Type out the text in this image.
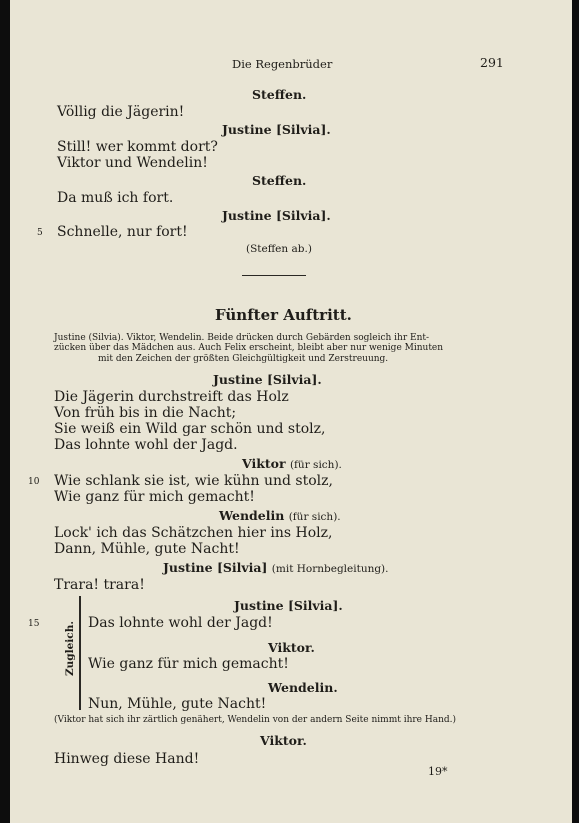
Die Regenbrüder	291
Steffen.
Völlig die Jägerin!
Justine [Silvia].
Still! wer kommt dort?
Viktor und Wendelin!
Steffen.
Da muß ich fort.
Justine [Silvia].
5 Schnelle, nur fort!
(Steffen ab.)
Fünfter Auftritt.
Justine (Silvia). Viktor, Wendelin. Beide drücken durch Gebärden sogleich ihr Ent-
zücken über das Mädchen aus. Auch Felix erscheint, bleibt aber nur wenige Minuten
mit den Zeichen der größten Gleichgültigkeit und Zerstreuung.
Justine [Silvia].
Die Jägerin durchstreift das Holz
Von früh bis in die Nacht;
Sie weiß ein Wild gar schön und stolz,
Das lohnte wohl der Jagd.
Viktor (für sich).
10 Wie schlank sie ist, wie kühn und stolz,
Wie ganz für mich gemacht!
Wendelin (für sich).
Lock' ich das Schätzchen hier ins Holz,
Dann, Mühle, gute Nacht!
Justine [Silvia] (mit Hornbegleitung).
Trara! trara!
Zugleich.
Justine [Silvia].
15	Das lohnte wohl der Jagd!
Viktor.
Wie ganz für mich gemacht!
Wendelin.
Nun, Mühle, gute Nacht!
(Viktor hat sich ihr zärtlich genähert, Wendelin von der andern Seite nimmt ihre Hand.)
Viktor.
Hinweg diese Hand!
19*
